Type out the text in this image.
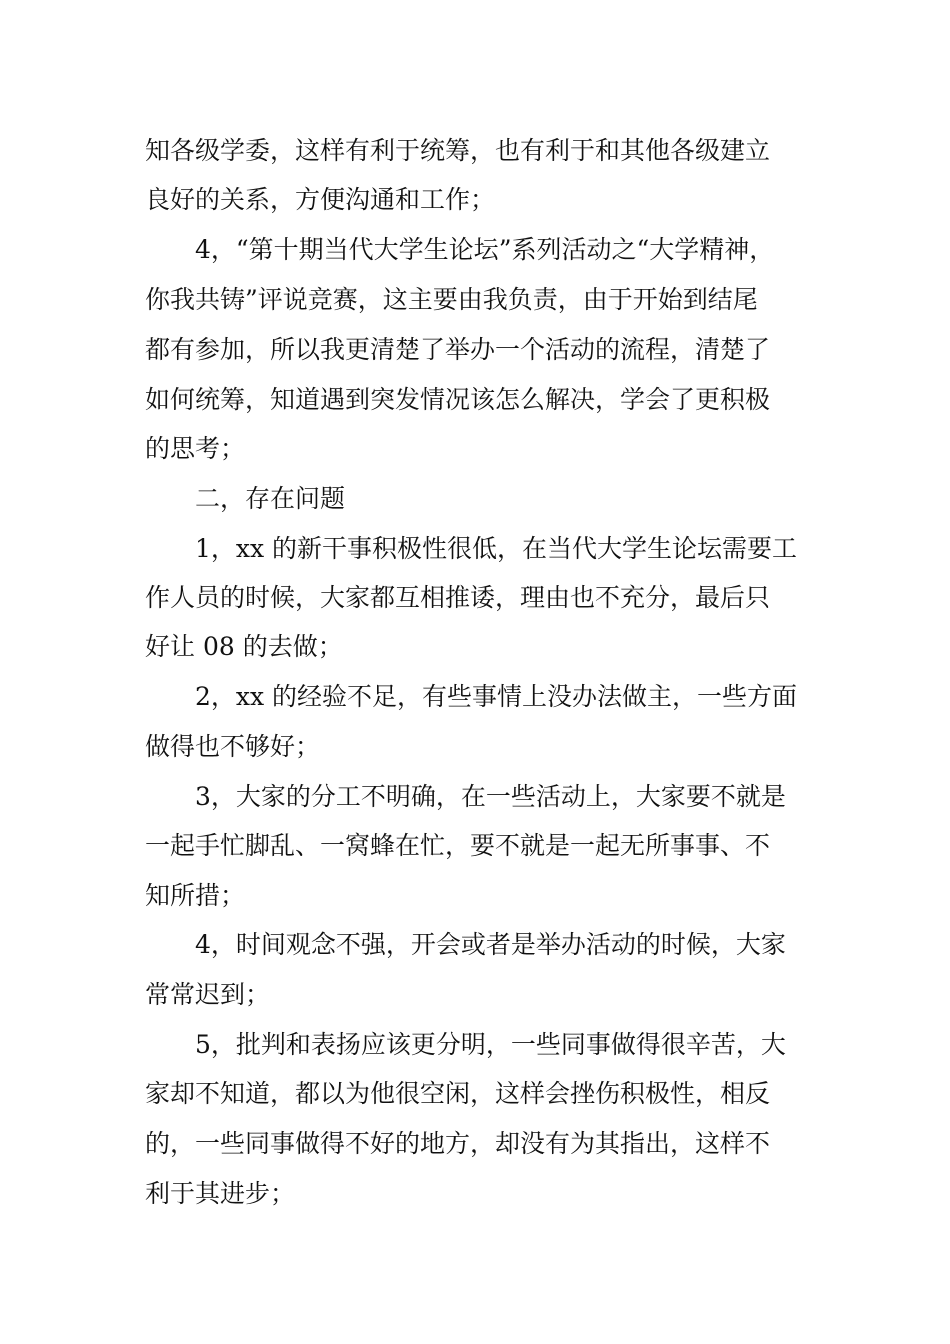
知各级学委，这样有利于统筹，也有利于和其他各级建立

良好的关系，方便沟通和工作；

4，“第十期当代大学生论坛”系列活动之“大学精神，

你我共铸”评说竞赛，这主要由我负责，由于开始到结尾

都有参加，所以我更清楚了举办一个活动的流程，清楚了

如何统筹，知道遇到突发情况该怎么解决，学会了更积极

的思考；

二，存在问题

1，xx 的新干事积极性很低，在当代大学生论坛需要工

作人员的时候，大家都互相推诿，理由也不充分，最后只

好让 08 的去做；

2，xx 的经验不足，有些事情上没办法做主，一些方面

做得也不够好；

3，大家的分工不明确，在一些活动上，大家要不就是

一起手忙脚乱、一窝蜂在忙，要不就是一起无所事事、不

知所措；

4，时间观念不强，开会或者是举办活动的时候，大家

常常迟到；

5，批判和表扬应该更分明，一些同事做得很辛苦，大

家却不知道，都以为他很空闲，这样会挫伤积极性，相反

的，一些同事做得不好的地方，却没有为其指出，这样不

利于其进步；
